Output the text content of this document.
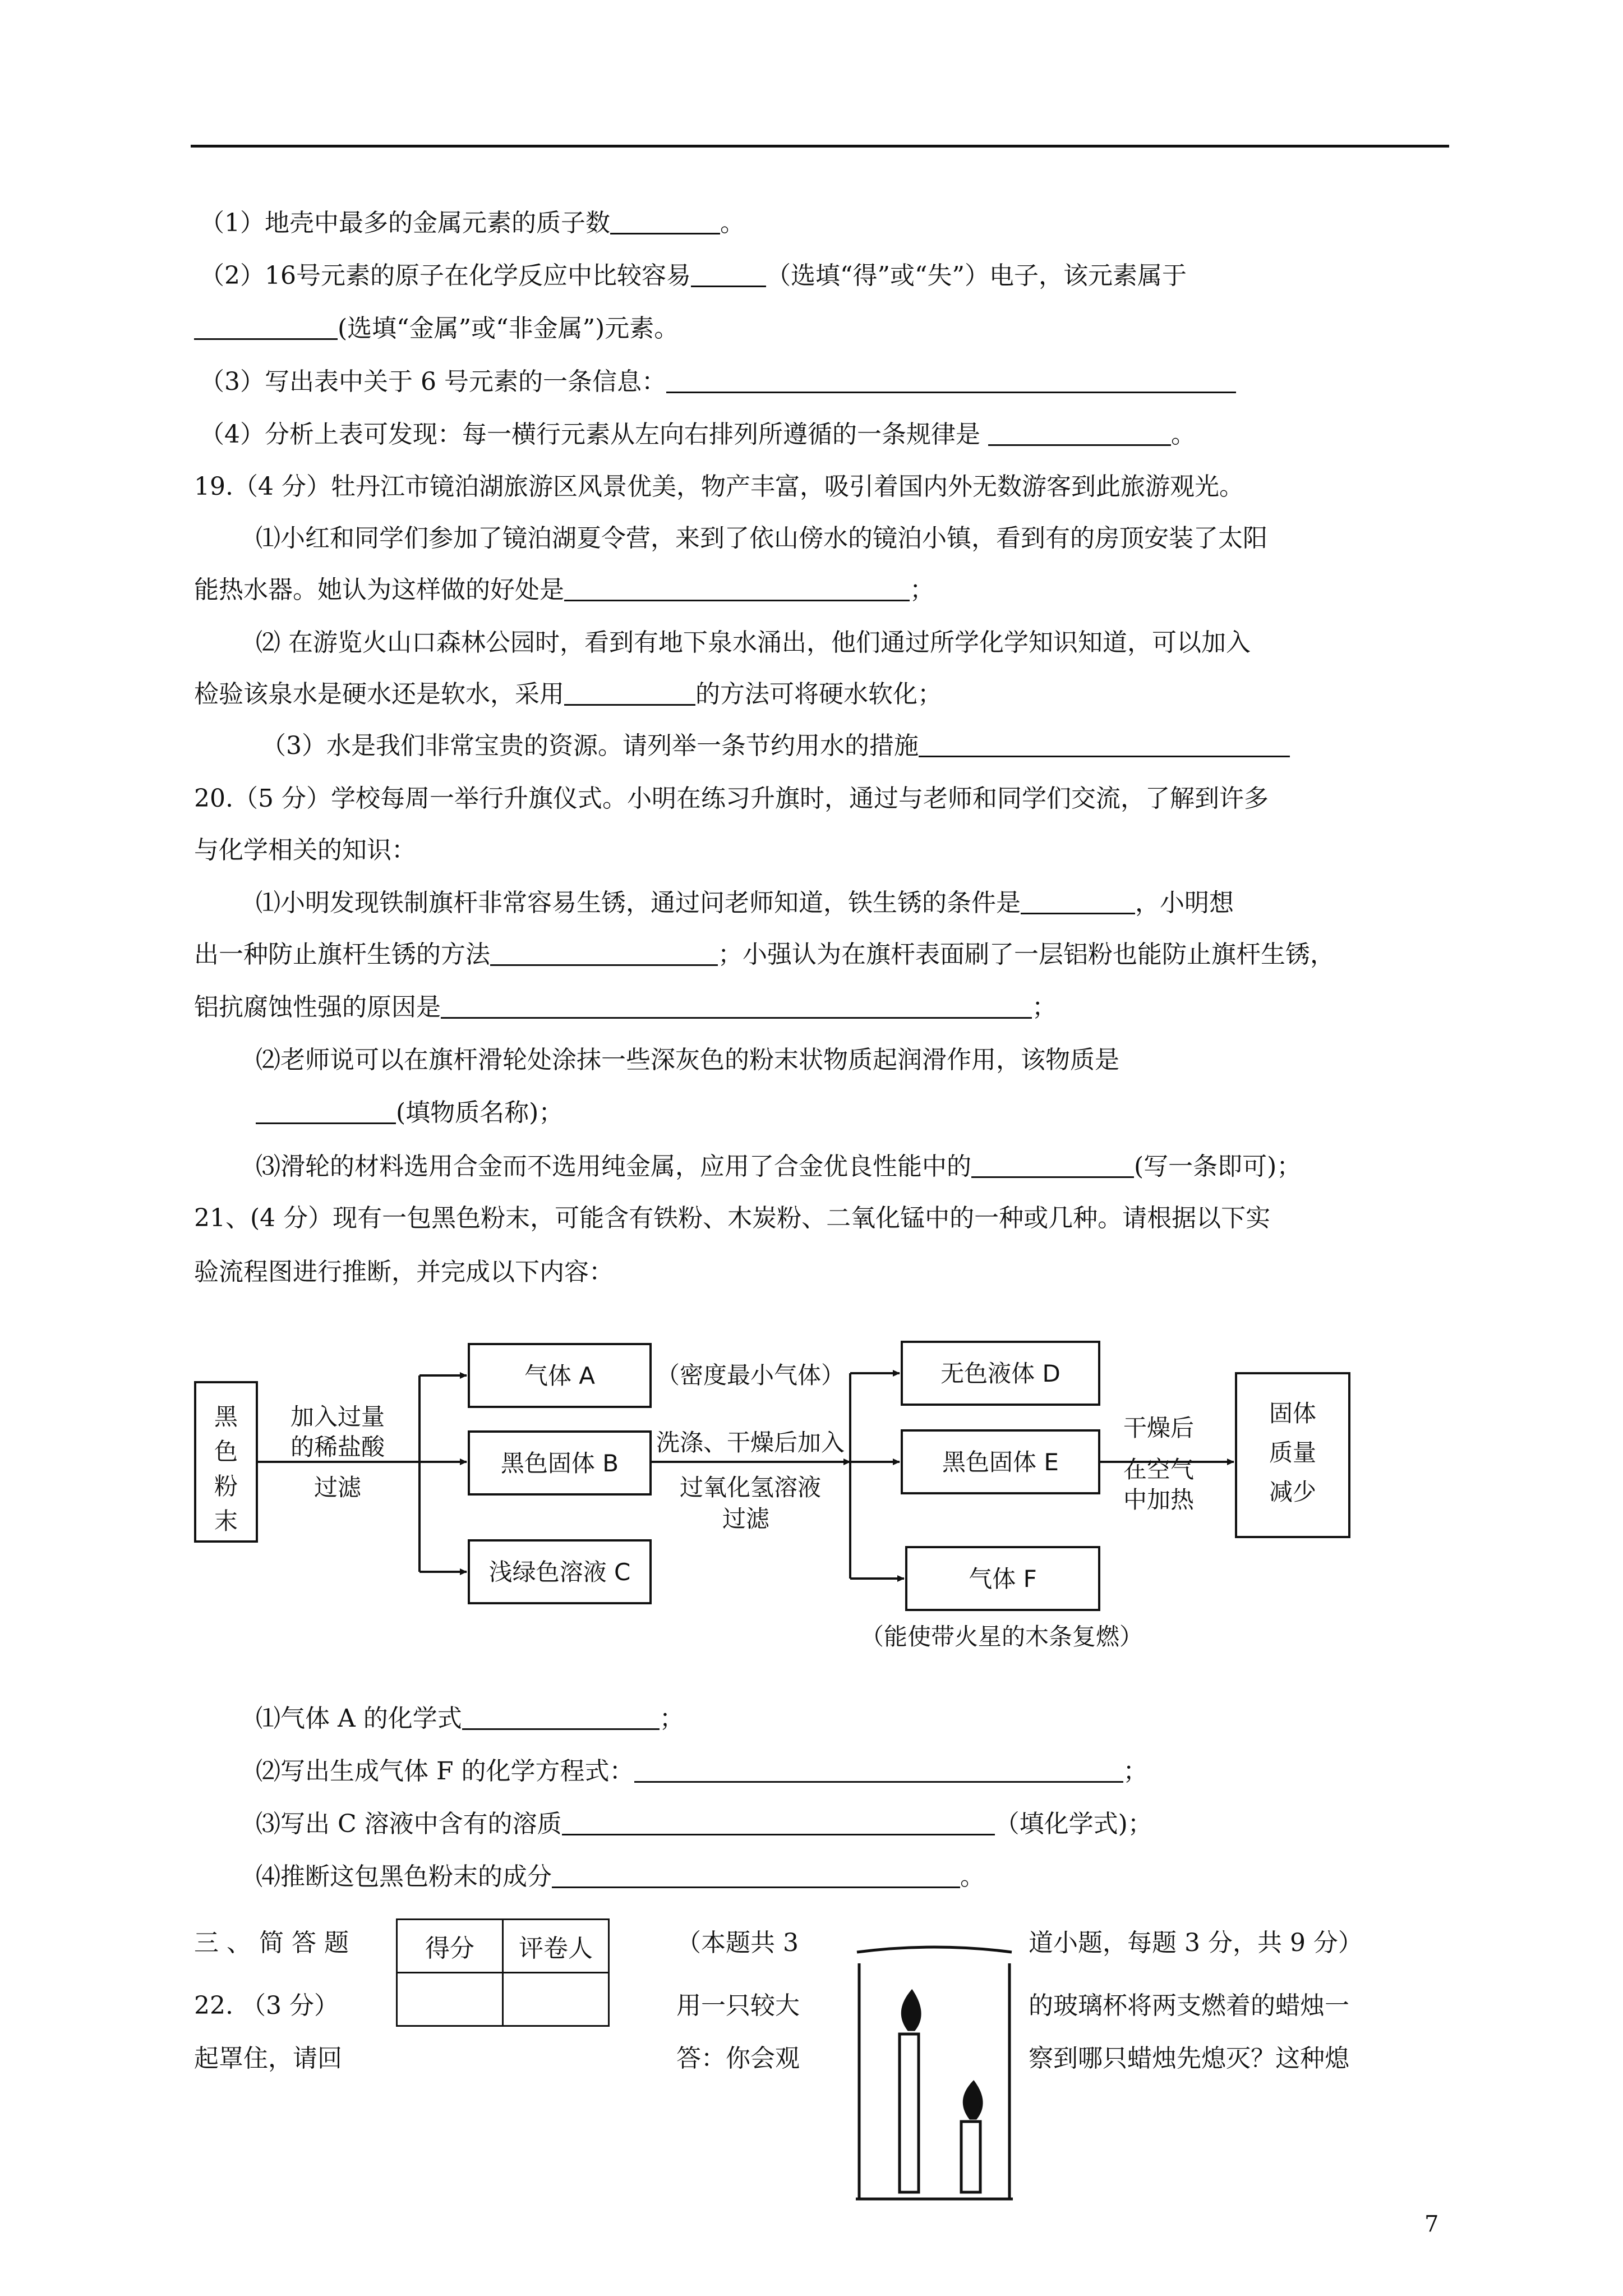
（1）地壳中最多的金属元素的质子数	。
（2）16号元素的原子在化学反应中比较容易	（选填“得”或“失”）电子，该元素属于
(选填“金属”或“非金属”)元素。
（3）写出表中关于 6 号元素的一条信息：
（4）分析上表可发现：每一横行元素从左向右排列所遵循的一条规律是	。
19.（4 分）牡丹江市镜泊湖旅游区风景优美，物产丰富，吸引着国内外无数游客到此旅游观光。
⑴小红和同学们参加了镜泊湖夏令营，来到了依山傍水的镜泊小镇，看到有的房顶安装了太阳
能热水器。她认为这样做的好处是	；
⑵ 在游览火山口森林公园时，看到有地下泉水涌出，他们通过所学化学知识知道，可以加入
检验该泉水是硬水还是软水，采用	的方法可将硬水软化；
（3）水是我们非常宝贵的资源。请列举一条节约用水的措施
20.（5 分）学校每周一举行升旗仪式。小明在练习升旗时，通过与老师和同学们交流，了解到许多
与化学相关的知识：
⑴小明发现铁制旗杆非常容易生锈，通过问老师知道，铁生锈的条件是	，小明想
出一种防止旗杆生锈的方法	；小强认为在旗杆表面刷了一层铝粉也能防止旗杆生锈，
铝抗腐蚀性强的原因是	；
⑵老师说可以在旗杆滑轮处涂抹一些深灰色的粉末状物质起润滑作用，该物质是
(填物质名称)；
⑶滑轮的材料选用合金而不选用纯金属，应用了合金优良性能中的	(写一条即可)；
21、(4 分）现有一包黑色粉末，可能含有铁粉、木炭粉、二氧化锰中的一种或几种。请根据以下实
验流程图进行推断，并完成以下内容：
黑
色
粉
末
加入过量
的稀盐酸
过滤
气体 A	（密度最小气体）
黑色固体 B
浅绿色溶液 C
洗涤、干燥后加入
过氧化氢溶液
过滤
无色液体 D
黑色固体 E
气体 F
（能使带火星的木条复燃）
干燥后
在空气
中加热
固体
质量
减少
⑴气体 A 的化学式	；
⑵写出生成气体 F 的化学方程式：	；
⑶写出 C 溶液中含有的溶质	（填化学式)；
⑷推断这包黑色粉末的成分	。
三 、 简 答 题	得分	评卷人
		（本题共 3	道小题，每题 3 分，共 9 分）
22. （3 分）	用一只较大	的玻璃杯将两支燃着的蜡烛一
起罩住，请回	答：你会观	察到哪只蜡烛先熄灭？这种熄
7
